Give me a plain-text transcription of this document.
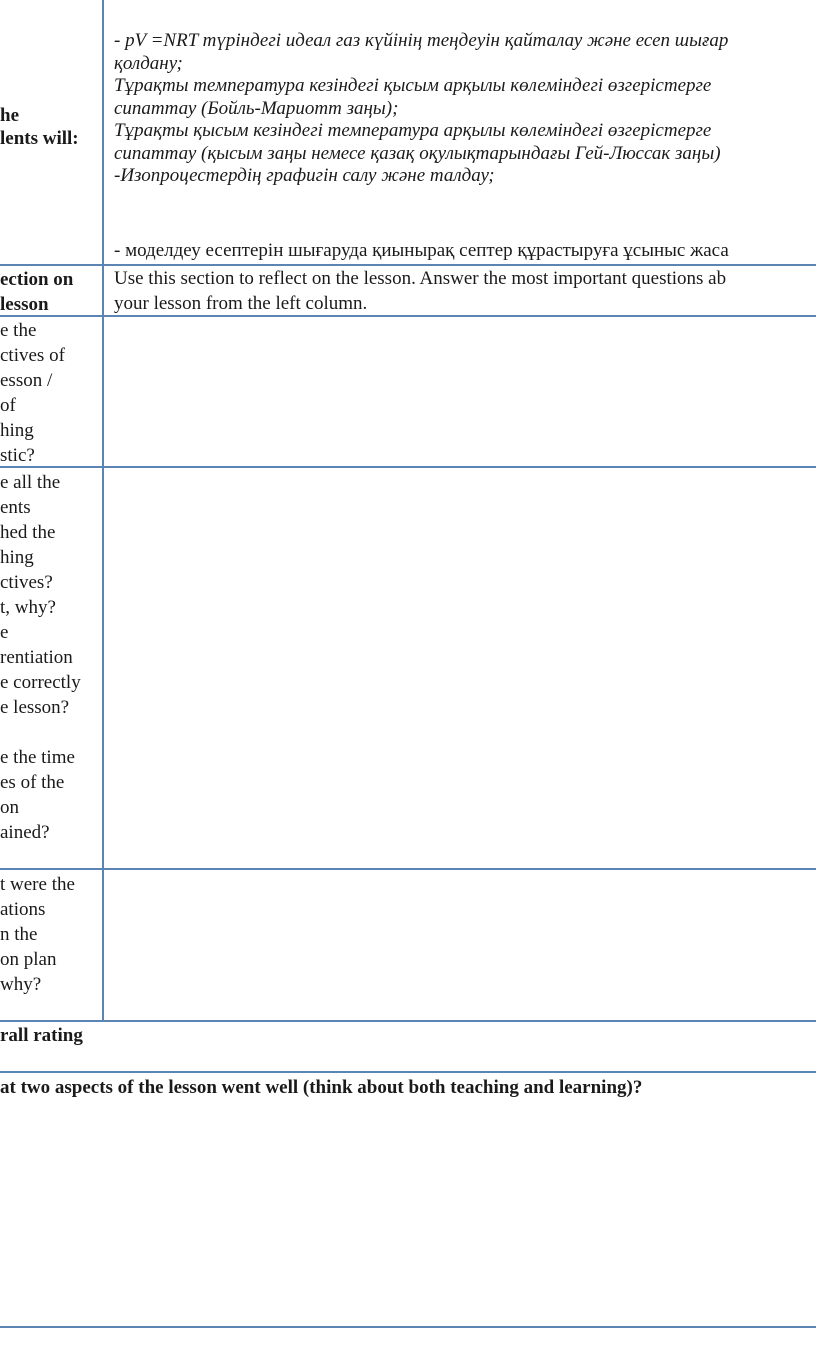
he
lents will:
- pV =NRT түріндегі идеал газ күйінің теңдеуін қайталау және есеп шығар
қолдану;
Тұрақты температура кезіндегі қысым арқылы көлеміндегі өзгерістерге
сипаттау (Бойль-Мариотт заңы);
Тұрақты қысым кезіндегі температура арқылы көлеміндегі өзгерістерге
сипаттау (қысым заңы немесе қазақ оқулықтарындағы Гей-Люссак заңы)
-Изопроцестердің графигін салу және талдау;
- моделдеу есептерін шығаруда қиынырақ септер құрастыруға ұсыныс жаса
ection on
lesson
Use this section to reflect on the lesson. Answer the most important questions ab
your lesson from the left column.
e the
ctives of
esson /
of
hing
stic?
e all the
ents
hed the
hing
ctives?
t, why?
e
rentiation
e correctly
e lesson?
e the time
es of the
on
ained?
t were the
ations
n the
on plan
why?
rall rating
at two aspects of the lesson went well (think about both teaching and learning)?
